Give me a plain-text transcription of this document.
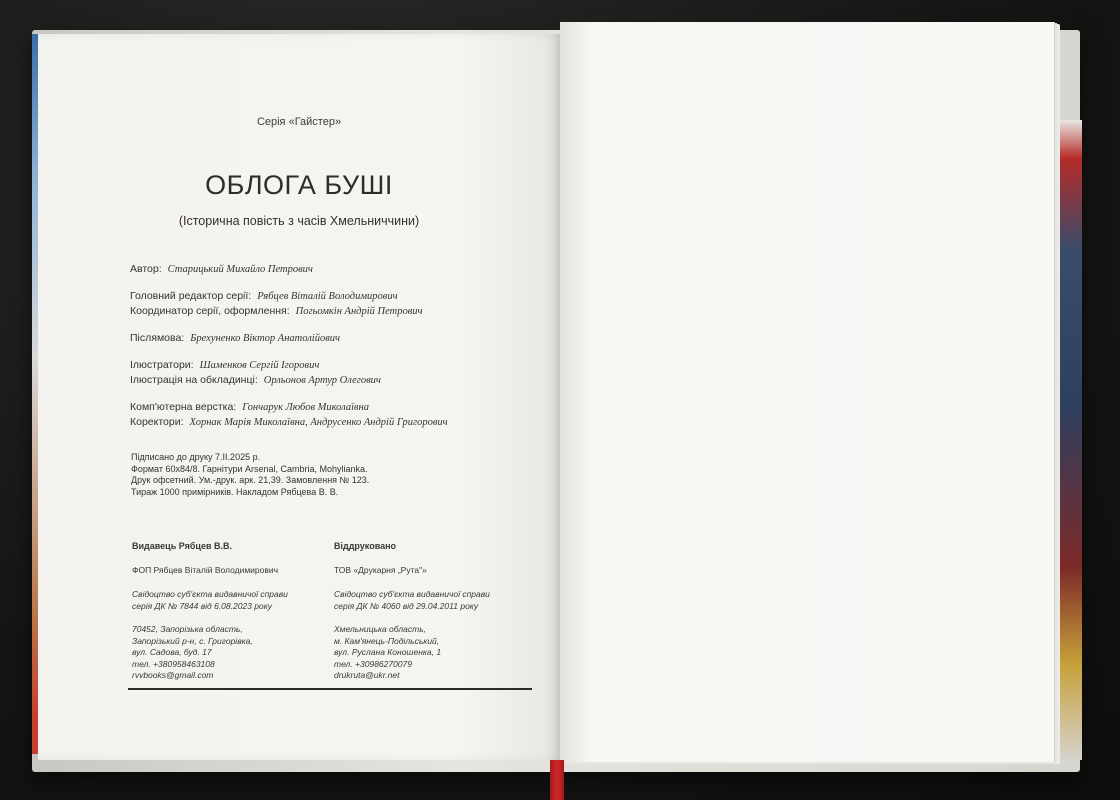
Серія «Гайстер»
ОБЛОГА БУШІ
(Історична повість з часів Хмельниччини)
Автор: Старицький Михайло Петрович
Головний редактор серії: Рябцев Віталій Володимирович
Координатор серії, оформлення: Погьомкін Андрій Петрович
Післямова: Брехуненко Віктор Анатолійович
Ілюстратори: Шаменков Сергій Ігорович
Ілюстрація на обкладинці: Орльонов Артур Олегович
Комп'ютерна верстка: Гончарук Любов Миколаївна
Коректори: Хорнак Марія Миколаївна, Андрусенко Андрій Григорович
Підписано до друку 7.II.2025 р.
Формат 60х84/8. Гарнітури Arsenal, Cambria, Mohylianka.
Друк офсетний. Ум.-друк. арк. 21,39. Замовлення № 123.
Тираж 1000 примірників. Накладом Рябцева В. В.
Видавець Рябцев В.В.
ФОП Рябцев Віталій Володимирович
Свідоцтво суб'єкта видавничої справи
серія ДК № 7844 від 6.08.2023 року
70452, Запорізька область,
Запорізький р-н, с. Григорівка,
вул. Садова, буд. 17
тел. +380958463108
rvvbooks@gmail.com
Віддруковано
ТОВ «Друкарня „Рута"»
Свідоцтво суб'єкта видавничої справи
серія ДК № 4060 від 29.04.2011 року
Хмельницька область,
м. Кам'янець-Подільський,
вул. Руслана Коношенка, 1
тел. +30986270079
drukruta@ukr.net
